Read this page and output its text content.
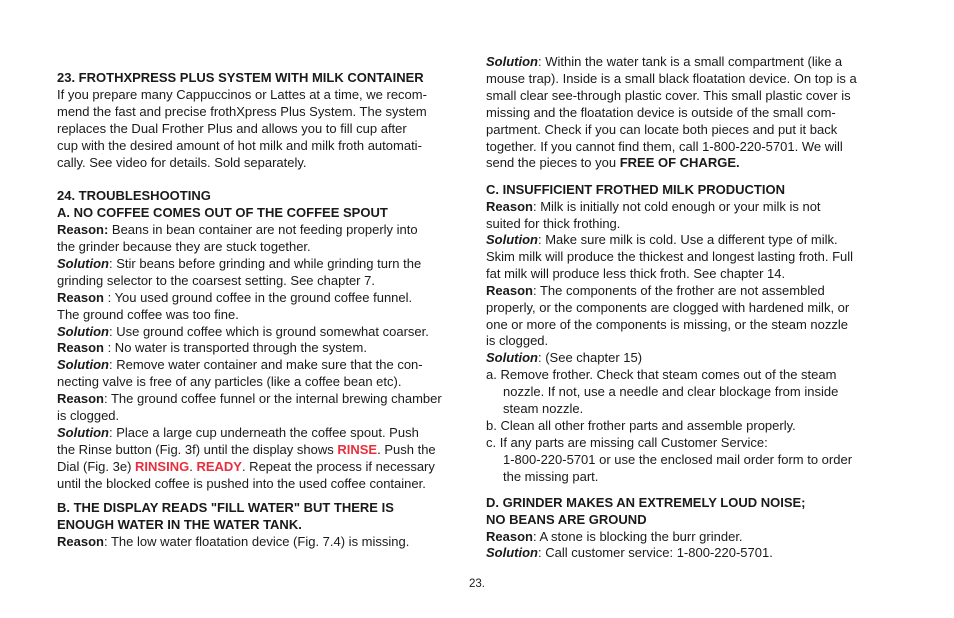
23. FROTHXPRESS PLUS SYSTEM WITH MILK CONTAINER

If you prepare many Cappuccinos or Lattes at a time, we recom-

mend the fast and precise frothXpress Plus System. The system

replaces the Dual Frother Plus and allows you to fill cup after

cup with the desired amount of hot milk and milk froth automati-

cally. See video for details. Sold separately.

24. TROUBLESHOOTING

A. NO COFFEE COMES OUT OF THE COFFEE SPOUT

Reason: Beans in bean container are not feeding properly into

the grinder because they are stuck together.

Solution: Stir beans before grinding and while grinding turn the

grinding selector to the coarsest setting. See chapter 7.

Reason : You used ground coffee in the ground coffee funnel.

The ground coffee was too fine.

Solution: Use ground coffee which is ground somewhat coarser.

Reason : No water is transported through the system.

Solution: Remove water container and make sure that the con-

necting valve is free of any particles (like a coffee bean etc).

Reason: The ground coffee funnel or the internal brewing chamber

is clogged.

Solution: Place a large cup underneath the coffee spout. Push

the Rinse button (Fig. 3f) until the display shows RINSE. Push the

Dial (Fig. 3e) RINSING. READY. Repeat the process if necessary

until the blocked coffee is pushed into the used coffee container.

B. THE DISPLAY READS "FILL WATER" BUT THERE IS

ENOUGH WATER IN THE WATER TANK.

Reason: The low water floatation device (Fig. 7.4) is missing.

Solution: Within the water tank is a small compartment (like a

mouse trap). Inside is a small black floatation device. On top is a

small clear see-through plastic cover. This small plastic cover is

missing and the floatation device is outside of the small com-

partment. Check if you can locate both pieces and put it back

together. If you cannot find them, call 1-800-220-5701. We will

send the pieces to you FREE OF CHARGE.

C. INSUFFICIENT FROTHED MILK PRODUCTION

Reason: Milk is initially not cold enough or your milk is not

suited for thick frothing.

Solution: Make sure milk is cold. Use a different type of milk.

Skim milk will produce the thickest and longest lasting froth. Full

fat milk will produce less thick froth. See chapter 14.

Reason: The components of the frother are not assembled

properly, or the components are clogged with hardened milk, or

one or more of the components is missing, or the steam nozzle

is clogged.

Solution: (See chapter 15)

a. Remove frother. Check that steam comes out of the steam

nozzle. If not, use a needle and clear blockage from inside

steam nozzle.

b. Clean all other frother parts and assemble properly.

c. If any parts are missing call Customer Service:

1-800-220-5701 or use the enclosed mail order form to order

the missing part.

D. GRINDER MAKES AN EXTREMELY LOUD NOISE;

NO BEANS ARE GROUND

Reason: A stone is blocking the burr grinder.

Solution: Call customer service: 1-800-220-5701.

23.
